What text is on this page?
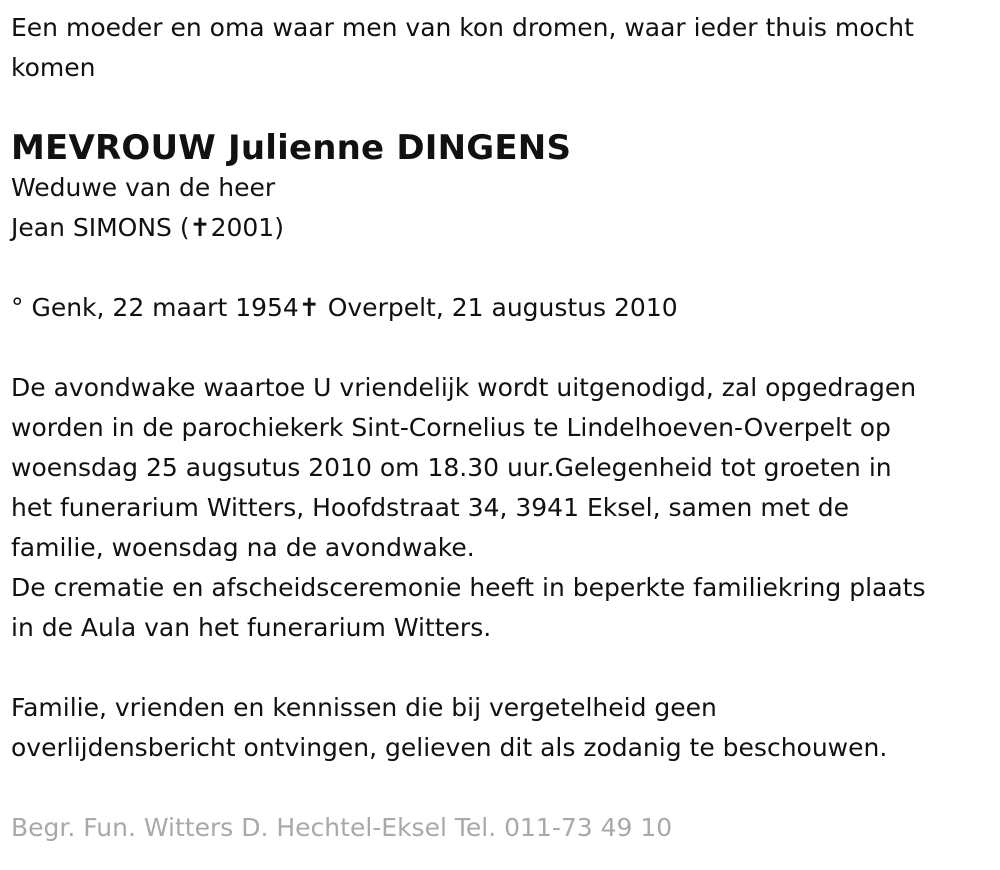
Een moeder en oma waar men van kon dromen, waar ieder thuis mocht
komen
MEVROUW Julienne DINGENS
Weduwe van de heer
Jean SIMONS (✝2001)
° Genk, 22 maart 1954✝ Overpelt, 21 augustus 2010
De avondwake waartoe U vriendelijk wordt uitgenodigd, zal opgedragen
worden in de parochiekerk Sint-Cornelius te Lindelhoeven-Overpelt op
woensdag 25 augsutus 2010 om 18.30 uur.Gelegenheid tot groeten in
het funerarium Witters, Hoofdstraat 34, 3941 Eksel, samen met de
familie, woensdag na de avondwake.
De crematie en afscheidsceremonie heeft in beperkte familiekring plaats
in de Aula van het funerarium Witters.
Familie, vrienden en kennissen die bij vergetelheid geen
overlijdensbericht ontvingen, gelieven dit als zodanig te beschouwen.
Begr. Fun. Witters D. Hechtel-Eksel Tel. 011-73 49 10
